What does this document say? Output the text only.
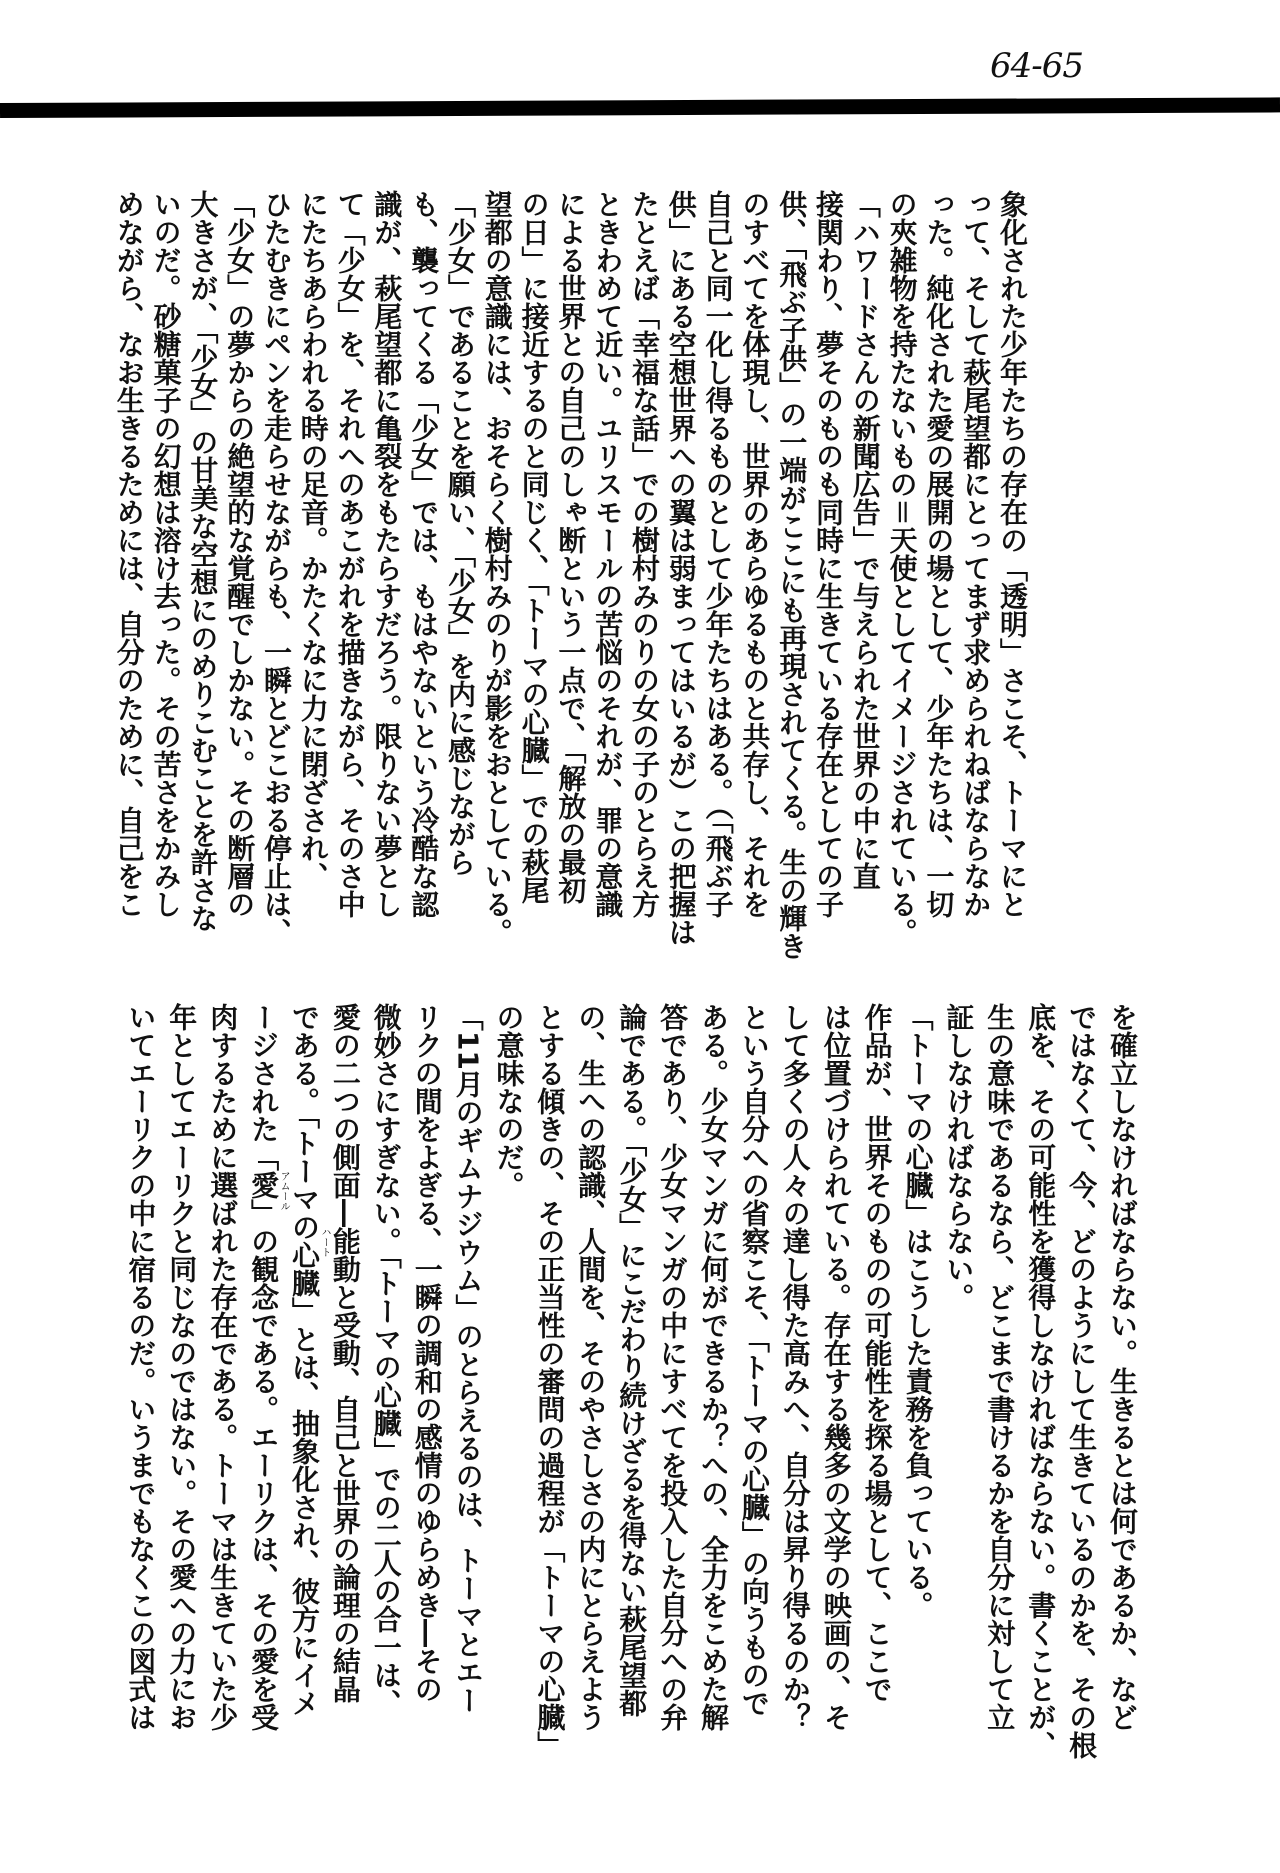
64-65
象化された少年たちの存在の「透明」さこそ、トーマにと
って、そして萩尾望都にとってまず求められねばならなか
った。純化された愛の展開の場として、少年たちは、一切
の夾雑物を持たないもの＝天使としてイメージされている。
「ハワードさんの新聞広告」で与えられた世界の中に直
接関わり、夢そのものも同時に生きている存在としての子
供、「飛ぶ子供」の一端がここにも再現されてくる。生の輝き
のすべてを体現し、世界のあらゆるものと共存し、それを
自己と同一化し得るものとして少年たちはある。（「飛ぶ子
供」にある空想世界への翼は弱まってはいるが）この把握は
たとえば「幸福な話」での樹村みのりの女の子のとらえ方
ときわめて近い。ユリスモールの苦悩のそれが、罪の意識
による世界との自己のしゃ断という一点で、「解放の最初
の日」に接近するのと同じく、「トーマの心臓」での萩尾
望都の意識には、おそらく樹村みのりが影をおとしている。
「少女」であることを願い、「少女」を内に感じながら
も、襲ってくる「少女」では、もはやないという冷酷な認
識が、萩尾望都に亀裂をもたらすだろう。限りない夢とし
て「少女」を、それへのあこがれを描きながら、そのさ中
にたちあらわれる時の足音。かたくなに力に閉ざされ、
ひたむきにペンを走らせながらも、一瞬とどこおる停止は、
「少女」の夢からの絶望的な覚醒でしかない。その断層の
大きさが、「少女」の甘美な空想にのめりこむことを許さな
いのだ。砂糖菓子の幻想は溶け去った。その苦さをかみし
めながら、なお生きるためには、自分のために、自己をこ
を確立しなければならない。生きるとは何であるか、など
ではなくて、今、どのようにして生きているのかを、その根
底を、その可能性を獲得しなければならない。書くことが、
生の意味であるなら、どこまで書けるかを自分に対して立
証しなければならない。
「トーマの心臓」はこうした責務を負っている。
作品が、世界そのものの可能性を探る場として、ここで
は位置づけられている。存在する幾多の文学の映画の、そ
して多くの人々の達し得た高みへ、自分は昇り得るのか？
という自分への省察こそ、「トーマの心臓」の向うもので
ある。少女マンガに何ができるか？への、全力をこめた解
答であり、少女マンガの中にすべてを投入した自分への弁
論である。「少女」にこだわり続けざるを得ない萩尾望都
の、生への認識、人間を、そのやさしさの内にとらえよう
とする傾きの、その正当性の審問の過程が「トーマの心臓」
の意味なのだ。
「11月のギムナジウム」のとらえるのは、トーマとエー
リクの間をよぎる、一瞬の調和の感情のゆらめき―その
微妙さにすぎない。「トーマの心臓」での二人の合一は、
愛の二つの側面―能動と受動、自己と世界の論理の結晶
である。「トーマの心臓」とは、抽象化され、彼方にイメ
ージされた「愛」の観念である。エーリクは、その愛を受
肉するために選ばれた存在である。トーマは生きていた少
年としてエーリクと同じなのではない。その愛への力にお
いてエーリクの中に宿るのだ。いうまでもなくこの図式は	ハート
アムール
